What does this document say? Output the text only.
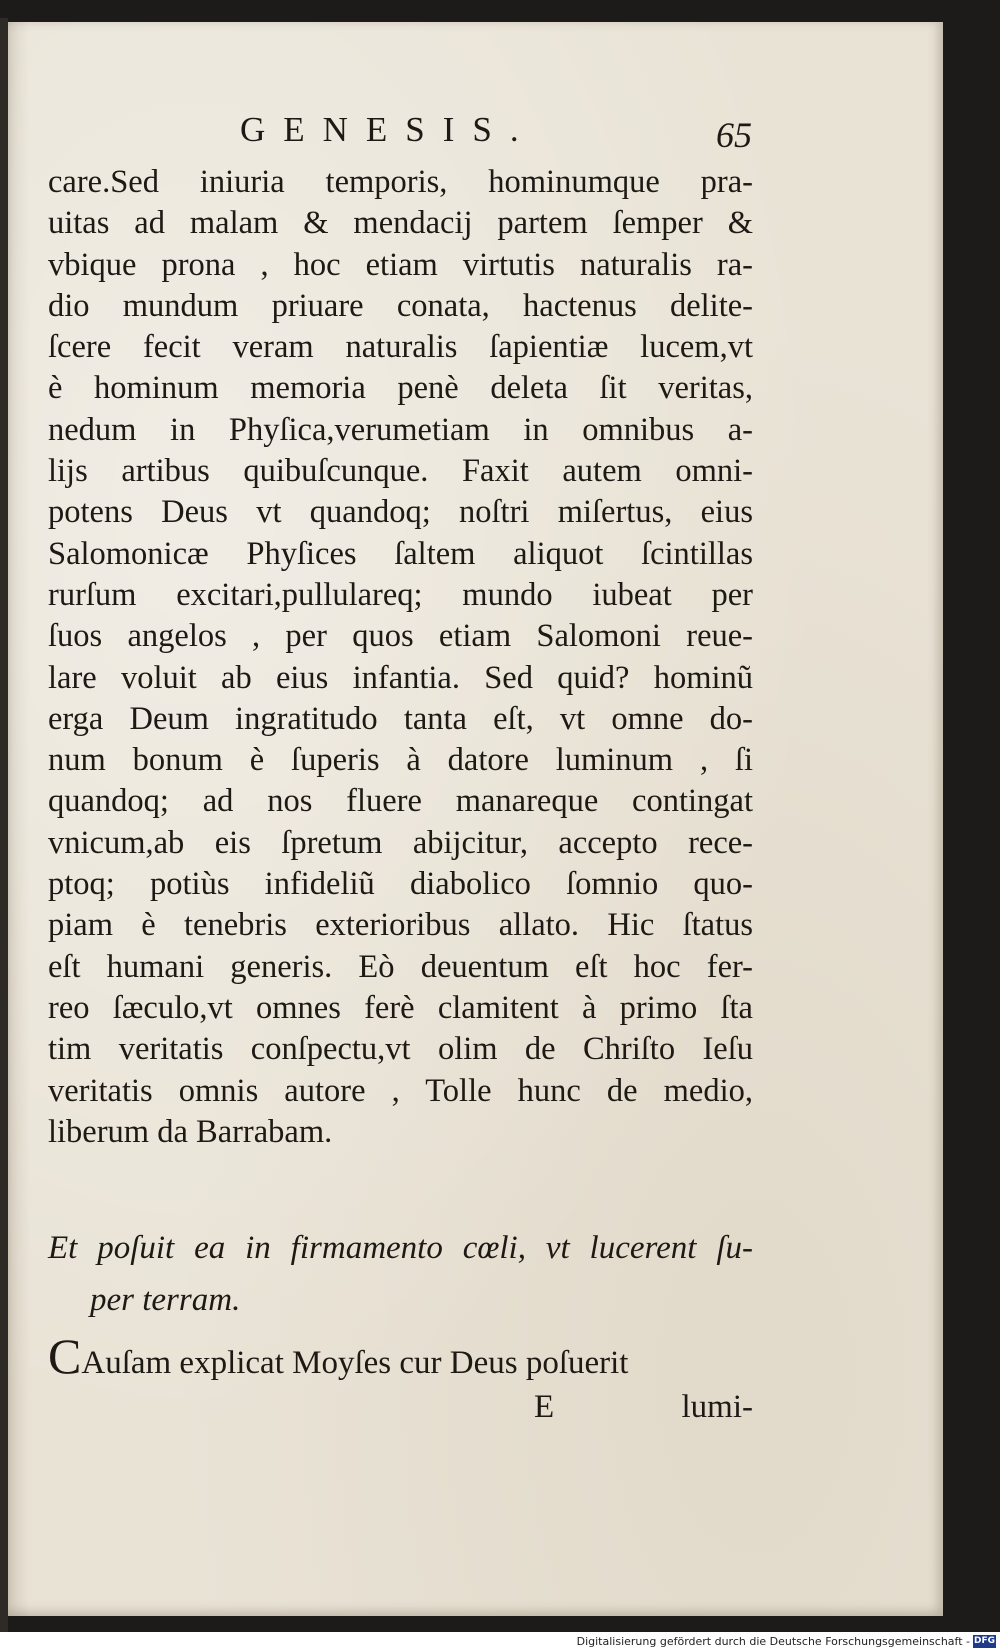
GENESIS.	65
care.Sed iniuria temporis, hominumque pra-
uitas ad malam & mendacij partem ſemper &
vbique prona , hoc etiam virtutis naturalis ra-
dio mundum priuare conata, hactenus delite-
ſcere fecit veram naturalis ſapientiæ lucem,vt
è hominum memoria penè deleta ſit veritas,
nedum in Phyſica,verumetiam in omnibus a-
lijs artibus quibuſcunque. Faxit autem omni-
potens Deus vt quandoq; noſtri miſertus, eius
Salomonicæ Phyſices ſaltem aliquot ſcintillas
rurſum excitari,pullulareq; mundo iubeat per
ſuos angelos , per quos etiam Salomoni reue-
lare voluit ab eius infantia. Sed quid? hominũ
erga Deum ingratitudo tanta eſt, vt omne do-
num bonum è ſuperis à datore luminum , ſi
quandoq; ad nos fluere manareque contingat
vnicum,ab eis ſpretum abijcitur, accepto rece-
ptoq; potiùs infideliũ diabolico ſomnio quo-
piam è tenebris exterioribus allato. Hic ſtatus
eſt humani generis. Eò deuentum eſt hoc fer-
reo ſæculo,vt omnes ferè clamitent à primo ſta
tim veritatis conſpectu,vt olim de Chriſto Ieſu
veritatis omnis autore , Tolle hunc de medio,
liberum da Barrabam.
Et poſuit ea in firmamento cœli, vt lucerent ſu-
per terram.
CAuſam explicat Moyſes cur Deus poſuerit
E	lumi-
Digitalisierung gefördert durch die Deutsche Forschungsgemeinschaft - DFG
